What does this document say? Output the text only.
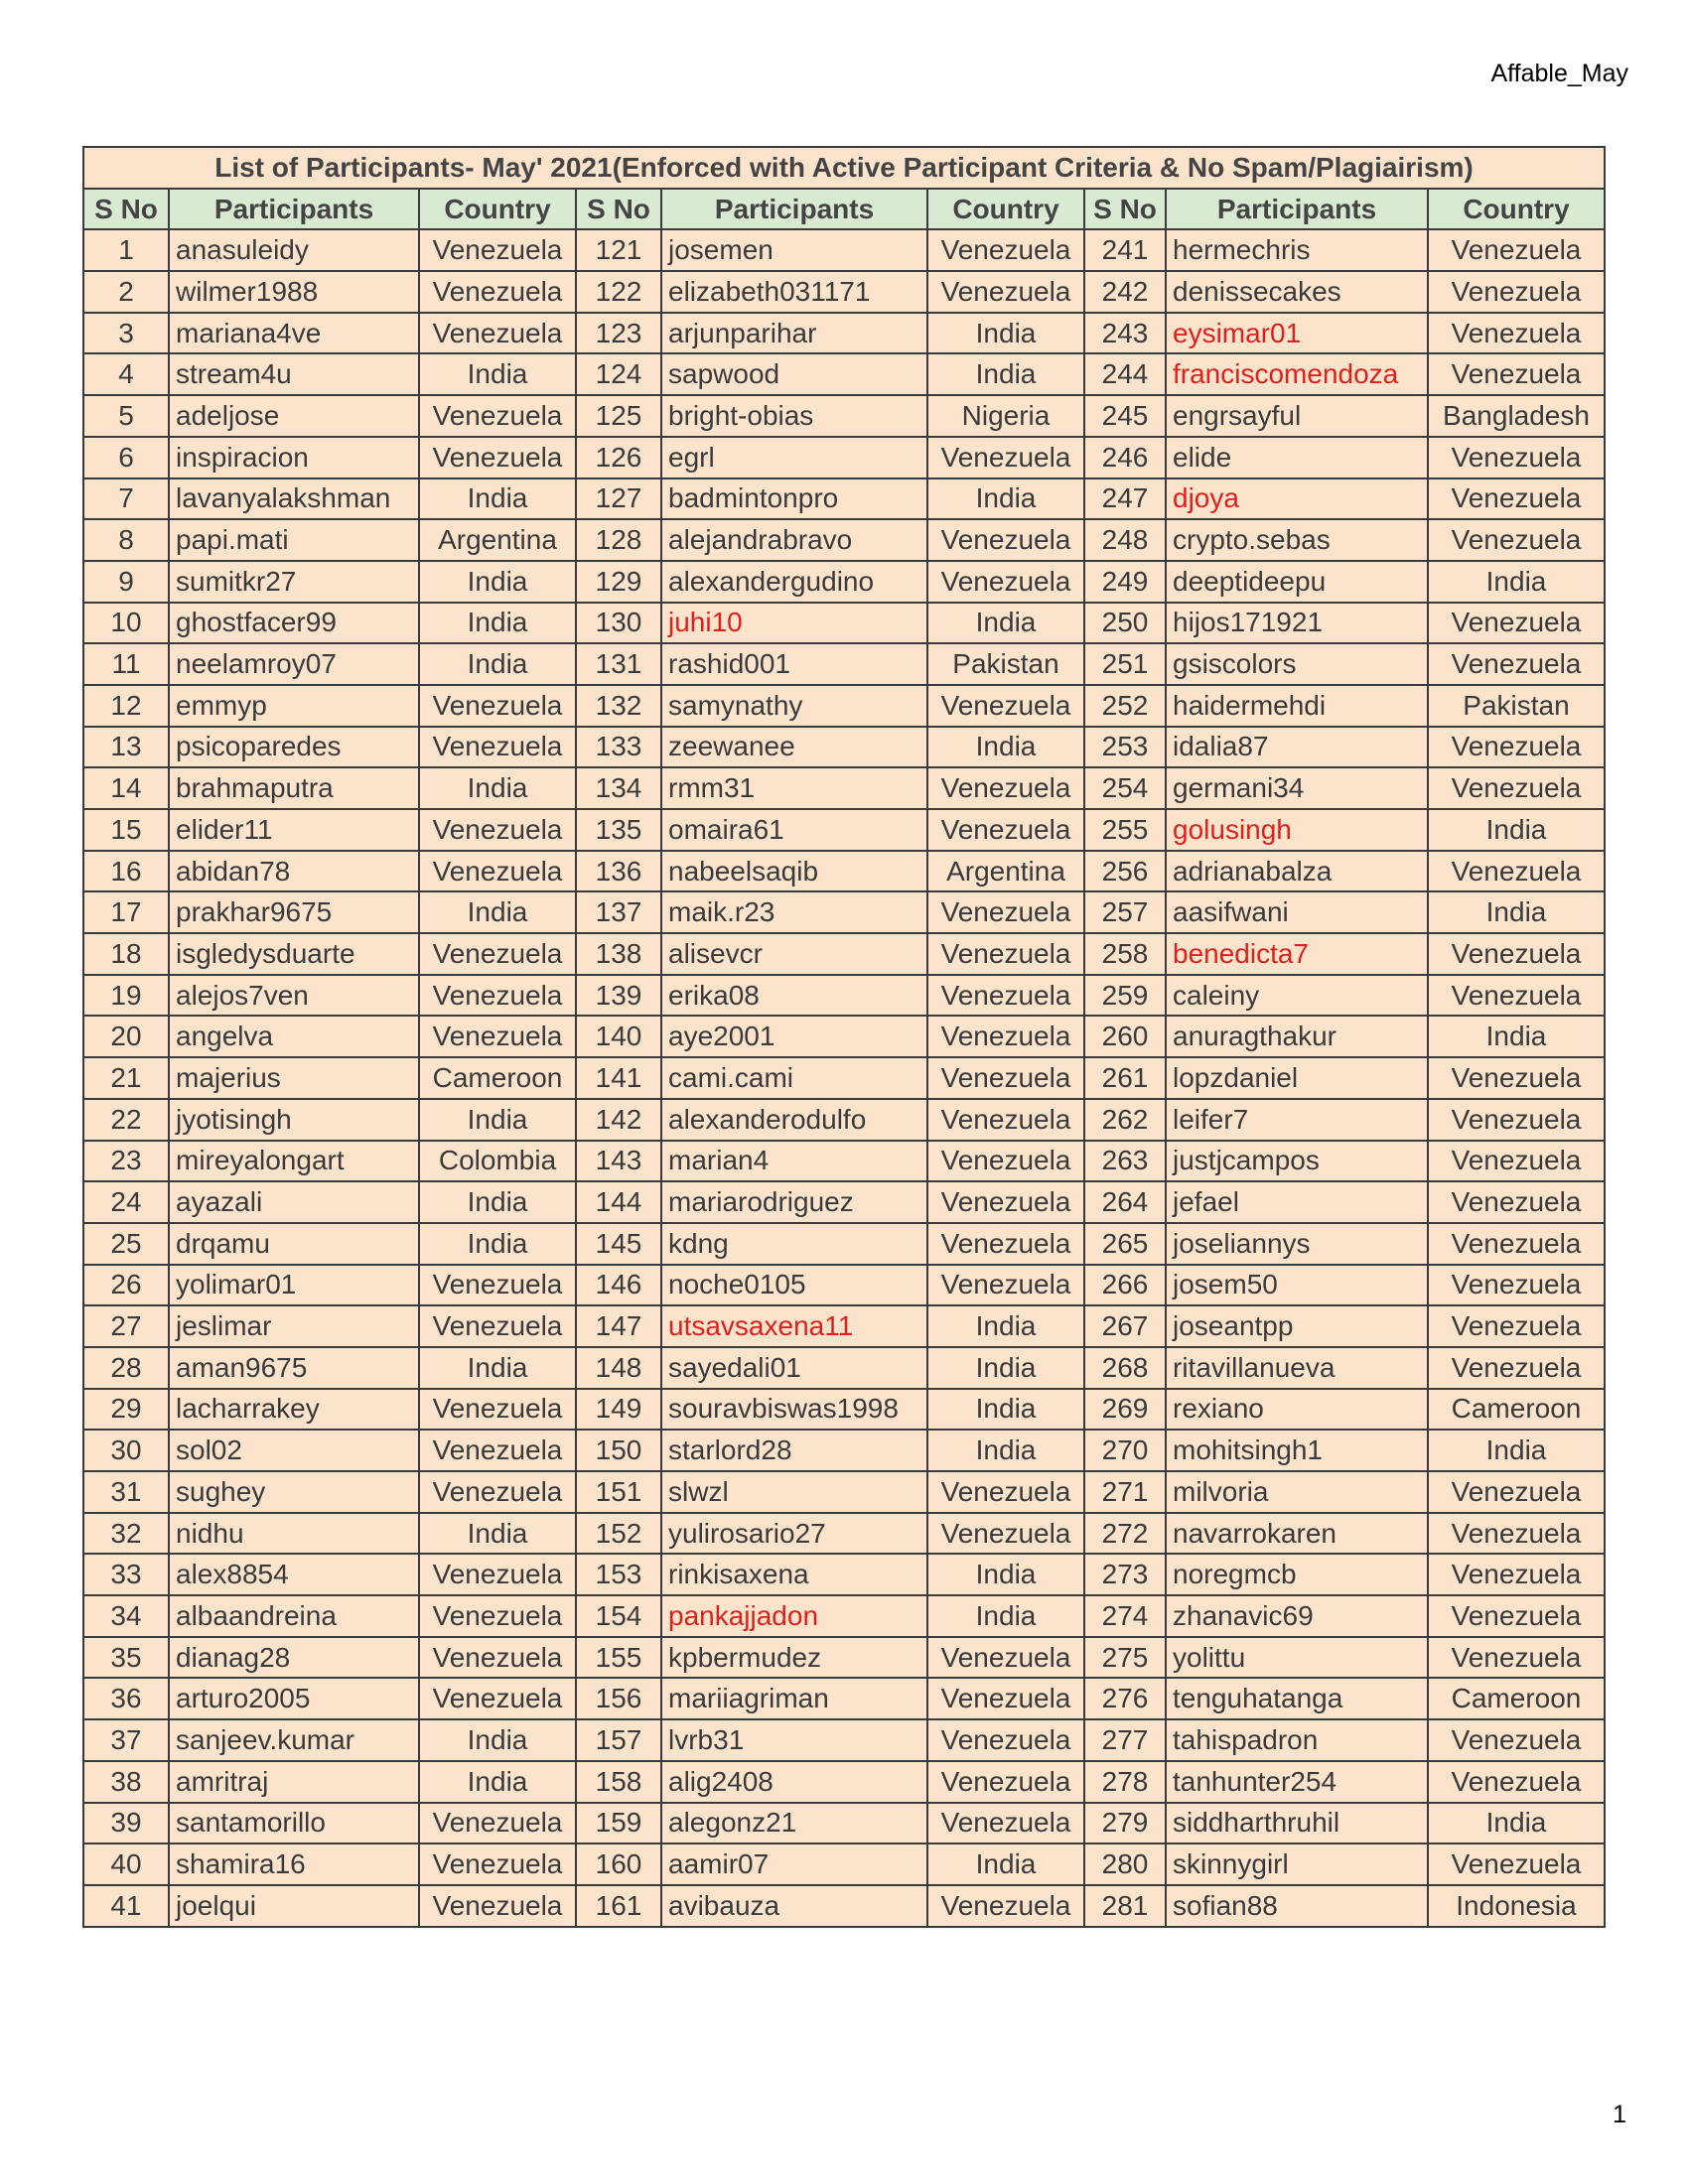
Affable_May
List of Participants- May' 2021(Enforced with Active Participant Criteria & No Spam/Plagiairism)								
S No	Participants	Country	S No	Participants	Country	S No	Participants	Country
1	anasuleidy	Venezuela	121	josemen	Venezuela	241	hermechris	Venezuela
2	wilmer1988	Venezuela	122	elizabeth031171	Venezuela	242	denissecakes	Venezuela
3	mariana4ve	Venezuela	123	arjunparihar	India	243	eysimar01	Venezuela
4	stream4u	India	124	sapwood	India	244	franciscomendoza	Venezuela
5	adeljose	Venezuela	125	bright-obias	Nigeria	245	engrsayful	Bangladesh
6	inspiracion	Venezuela	126	egrl	Venezuela	246	elide	Venezuela
7	lavanyalakshman	India	127	badmintonpro	India	247	djoya	Venezuela
8	papi.mati	Argentina	128	alejandrabravo	Venezuela	248	crypto.sebas	Venezuela
9	sumitkr27	India	129	alexandergudino	Venezuela	249	deeptideepu	India
10	ghostfacer99	India	130	juhi10	India	250	hijos171921	Venezuela
11	neelamroy07	India	131	rashid001	Pakistan	251	gsiscolors	Venezuela
12	emmyp	Venezuela	132	samynathy	Venezuela	252	haidermehdi	Pakistan
13	psicoparedes	Venezuela	133	zeewanee	India	253	idalia87	Venezuela
14	brahmaputra	India	134	rmm31	Venezuela	254	germani34	Venezuela
15	elider11	Venezuela	135	omaira61	Venezuela	255	golusingh	India
16	abidan78	Venezuela	136	nabeelsaqib	Argentina	256	adrianabalza	Venezuela
17	prakhar9675	India	137	maik.r23	Venezuela	257	aasifwani	India
18	isgledysduarte	Venezuela	138	alisevcr	Venezuela	258	benedicta7	Venezuela
19	alejos7ven	Venezuela	139	erika08	Venezuela	259	caleiny	Venezuela
20	angelva	Venezuela	140	aye2001	Venezuela	260	anuragthakur	India
21	majerius	Cameroon	141	cami.cami	Venezuela	261	lopzdaniel	Venezuela
22	jyotisingh	India	142	alexanderodulfo	Venezuela	262	leifer7	Venezuela
23	mireyalongart	Colombia	143	marian4	Venezuela	263	justjcampos	Venezuela
24	ayazali	India	144	mariarodriguez	Venezuela	264	jefael	Venezuela
25	drqamu	India	145	kdng	Venezuela	265	joseliannys	Venezuela
26	yolimar01	Venezuela	146	noche0105	Venezuela	266	josem50	Venezuela
27	jeslimar	Venezuela	147	utsavsaxena11	India	267	joseantpp	Venezuela
28	aman9675	India	148	sayedali01	India	268	ritavillanueva	Venezuela
29	lacharrakey	Venezuela	149	souravbiswas1998	India	269	rexiano	Cameroon
30	sol02	Venezuela	150	starlord28	India	270	mohitsingh1	India
31	sughey	Venezuela	151	slwzl	Venezuela	271	milvoria	Venezuela
32	nidhu	India	152	yulirosario27	Venezuela	272	navarrokaren	Venezuela
33	alex8854	Venezuela	153	rinkisaxena	India	273	noregmcb	Venezuela
34	albaandreina	Venezuela	154	pankajjadon	India	274	zhanavic69	Venezuela
35	dianag28	Venezuela	155	kpbermudez	Venezuela	275	yolittu	Venezuela
36	arturo2005	Venezuela	156	mariiagriman	Venezuela	276	tenguhatanga	Cameroon
37	sanjeev.kumar	India	157	lvrb31	Venezuela	277	tahispadron	Venezuela
38	amritraj	India	158	alig2408	Venezuela	278	tanhunter254	Venezuela
39	santamorillo	Venezuela	159	alegonz21	Venezuela	279	siddharthruhil	India
40	shamira16	Venezuela	160	aamir07	India	280	skinnygirl	Venezuela
41	joelqui	Venezuela	161	avibauza	Venezuela	281	sofian88	Indonesia
1
